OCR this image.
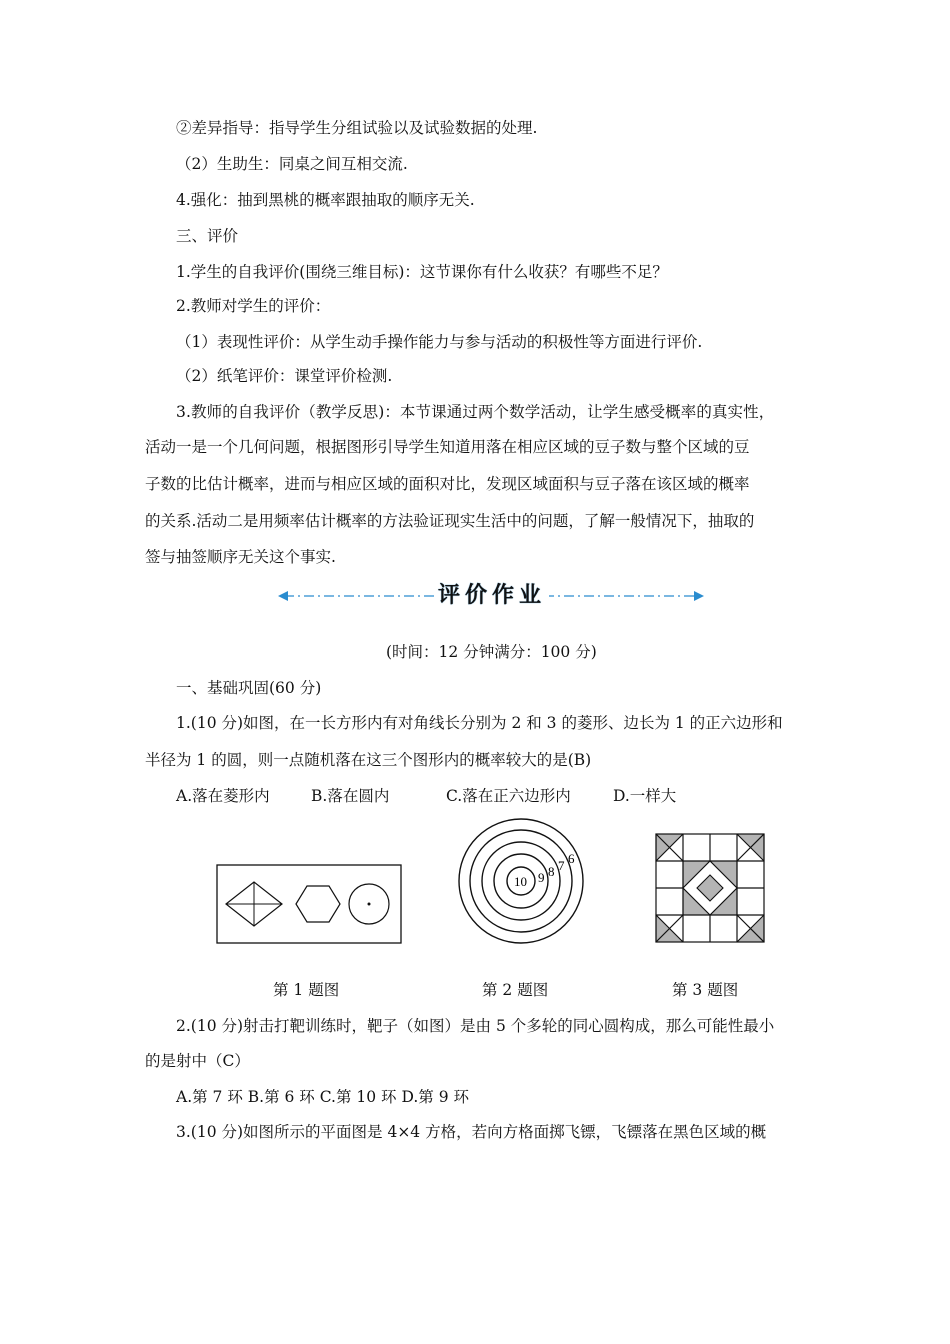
②差异指导：指导学生分组试验以及试验数据的处理.
（2）生助生：同桌之间互相交流.
4.强化：抽到黑桃的概率跟抽取的顺序无关.
三、评价
1.学生的自我评价(围绕三维目标)：这节课你有什么收获？有哪些不足？
2.教师对学生的评价：
（1）表现性评价：从学生动手操作能力与参与活动的积极性等方面进行评价.
（2）纸笔评价：课堂评价检测.
3.教师的自我评价（教学反思)：本节课通过两个数学活动，让学生感受概率的真实性，
活动一是一个几何问题，根据图形引导学生知道用落在相应区域的豆子数与整个区域的豆
子数的比估计概率，进而与相应区域的面积对比，发现区域面积与豆子落在该区域的概率
的关系.活动二是用频率估计概率的方法验证现实生活中的问题，了解一般情况下，抽取的
签与抽签顺序无关这个事实.
评价作业
(时间：12 分钟满分：100 分)
一、基础巩固(60 分)
1.(10 分)如图，在一长方形内有对角线长分别为 2 和 3 的菱形、边长为 1 的正六边形和
半径为 1 的圆，则一点随机落在这三个图形内的概率较大的是(B)
A.落在菱形内	B.落在圆内	C.落在正六边形内	D.一样大
10 9 8 7 6
第 1 题图	第 2 题图	第 3 题图
2.(10 分)射击打靶训练时，靶子（如图）是由 5 个多轮的同心圆构成，那么可能性最小
的是射中（C）
A.第 7 环 B.第 6 环 C.第 10 环 D.第 9 环
3.(10 分)如图所示的平面图是 4×4 方格，若向方格面掷飞镖，飞镖落在黑色区域的概
